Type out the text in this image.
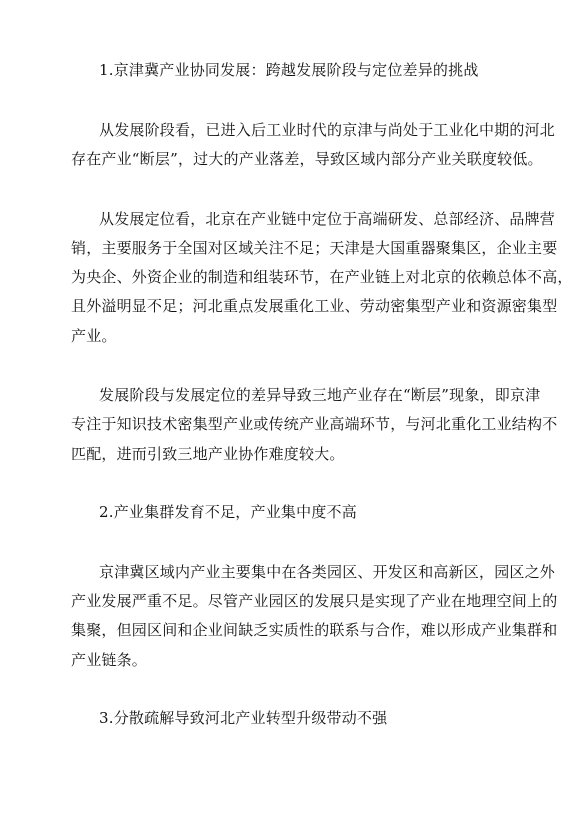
1.京津冀产业协同发展：跨越发展阶段与定位差异的挑战
从发展阶段看，已进入后工业时代的京津与尚处于工业化中期的河北
存在产业“断层”，过大的产业落差，导致区域内部分产业关联度较低。
从发展定位看，北京在产业链中定位于高端研发、总部经济、品牌营
销，主要服务于全国对区域关注不足；天津是大国重器聚集区，企业主要
为央企、外资企业的制造和组装环节，在产业链上对北京的依赖总体不高，
且外溢明显不足；河北重点发展重化工业、劳动密集型产业和资源密集型
产业。
发展阶段与发展定位的差异导致三地产业存在“断层”现象，即京津
专注于知识技术密集型产业或传统产业高端环节，与河北重化工业结构不
匹配，进而引致三地产业协作难度较大。
2.产业集群发育不足，产业集中度不高
京津冀区域内产业主要集中在各类园区、开发区和高新区，园区之外
产业发展严重不足。尽管产业园区的发展只是实现了产业在地理空间上的
集聚，但园区间和企业间缺乏实质性的联系与合作，难以形成产业集群和
产业链条。
3.分散疏解导致河北产业转型升级带动不强
